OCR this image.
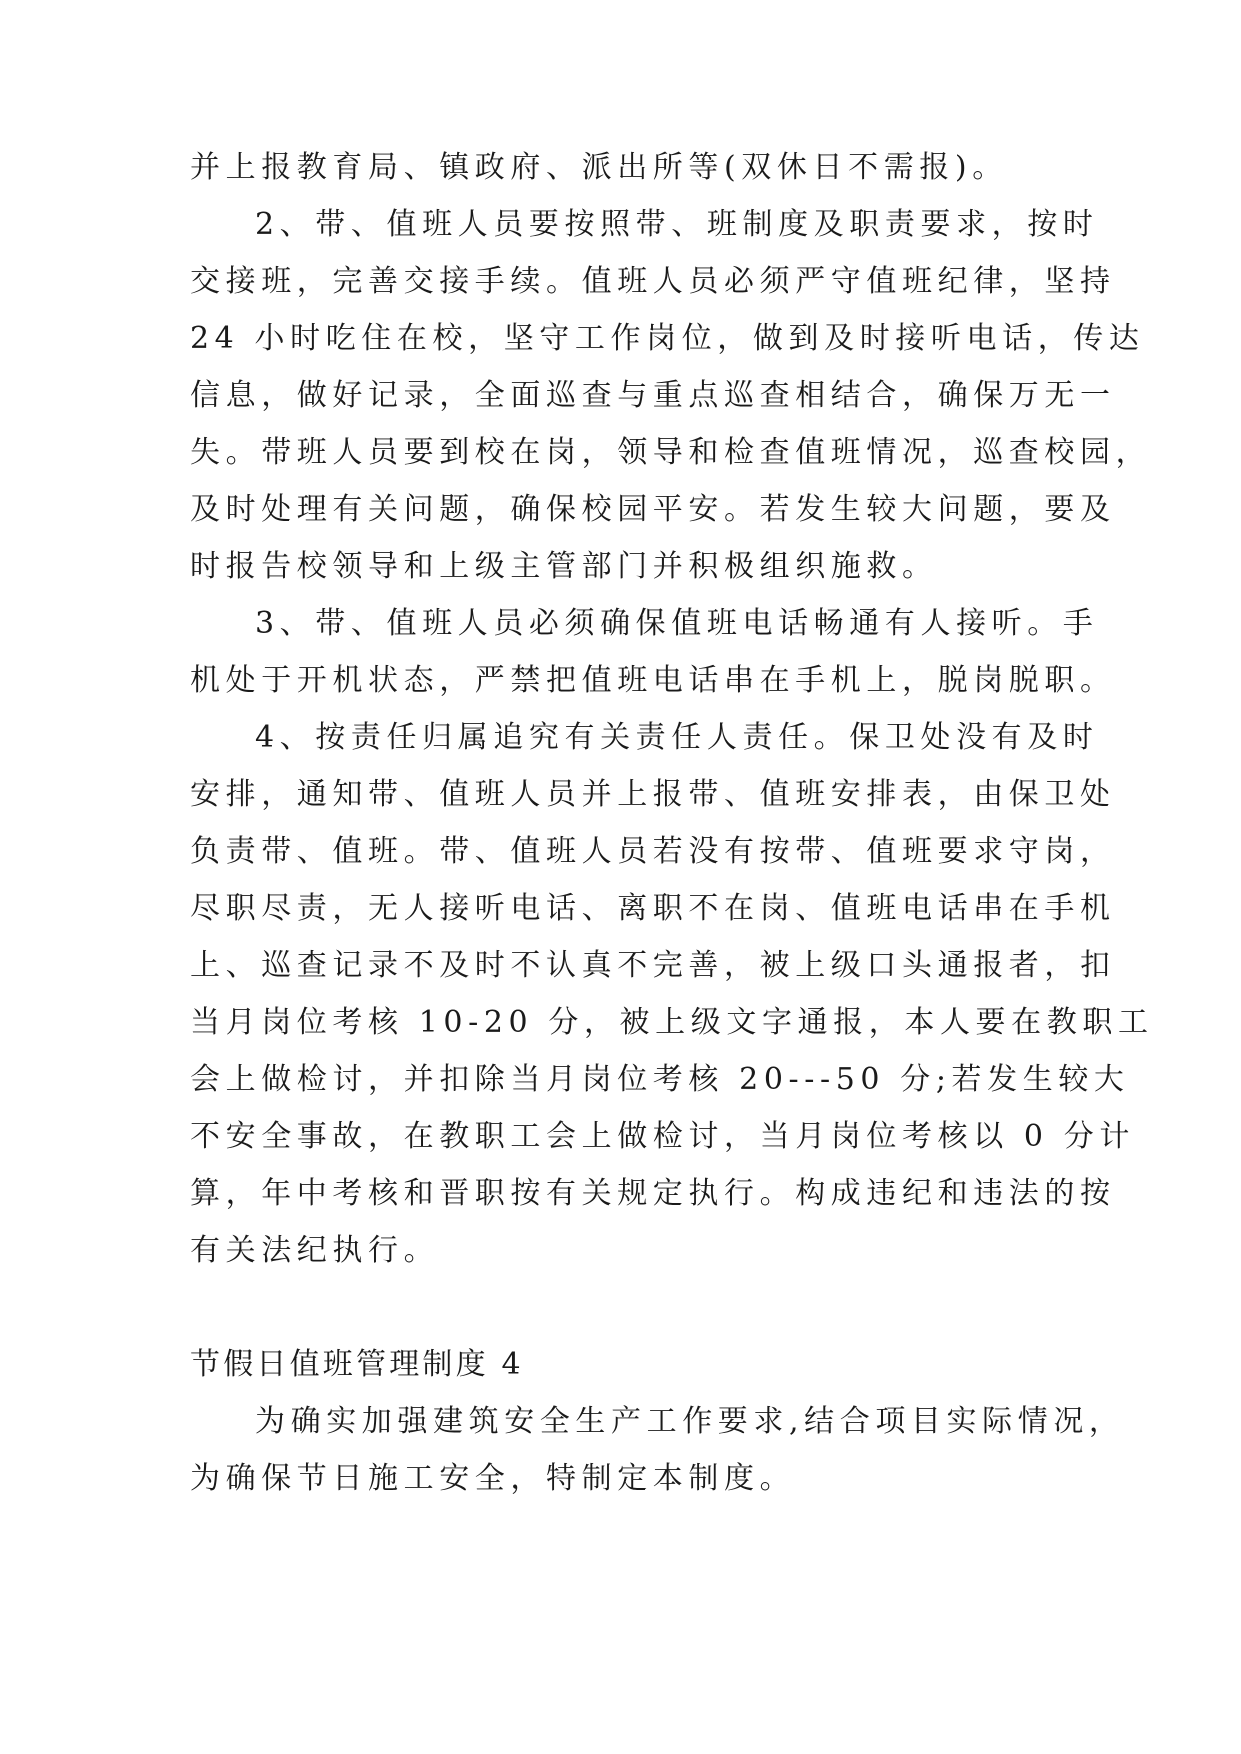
并上报教育局、镇政府、派出所等(双休日不需报)。
2、带、值班人员要按照带、班制度及职责要求，按时
交接班，完善交接手续。值班人员必须严守值班纪律，坚持
24 小时吃住在校，坚守工作岗位，做到及时接听电话，传达
信息，做好记录，全面巡查与重点巡查相结合，确保万无一
失。带班人员要到校在岗，领导和检查值班情况，巡查校园，
及时处理有关问题，确保校园平安。若发生较大问题，要及
时报告校领导和上级主管部门并积极组织施救。
3、带、值班人员必须确保值班电话畅通有人接听。手
机处于开机状态，严禁把值班电话串在手机上，脱岗脱职。
4、按责任归属追究有关责任人责任。保卫处没有及时
安排，通知带、值班人员并上报带、值班安排表，由保卫处
负责带、值班。带、值班人员若没有按带、值班要求守岗，
尽职尽责，无人接听电话、离职不在岗、值班电话串在手机
上、巡查记录不及时不认真不完善，被上级口头通报者，扣
当月岗位考核 10-20 分，被上级文字通报，本人要在教职工
会上做检讨，并扣除当月岗位考核 20---50 分;若发生较大
不安全事故，在教职工会上做检讨，当月岗位考核以 0 分计
算，年中考核和晋职按有关规定执行。构成违纪和违法的按
有关法纪执行。
节假日值班管理制度 4
为确实加强建筑安全生产工作要求,结合项目实际情况，
为确保节日施工安全，特制定本制度。
